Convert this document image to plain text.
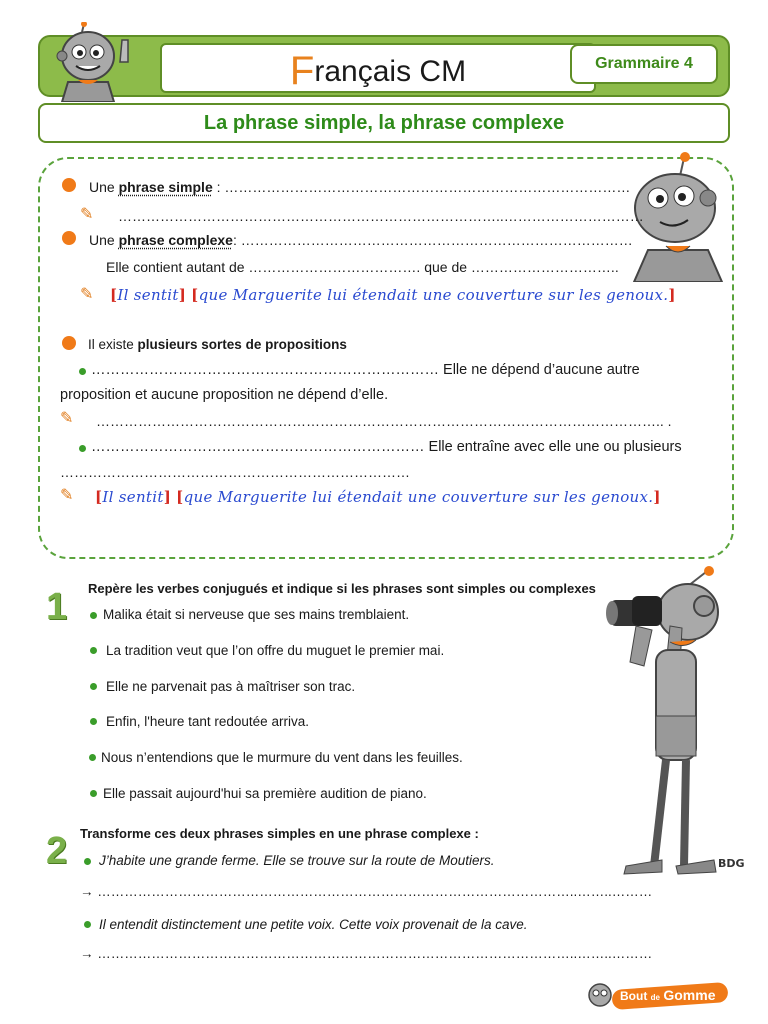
Français CM	Grammaire 4
La phrase simple, la phrase complexe
Une phrase simple : ……………………………………………………………………………
✎ ………………………………………………………………………..…………………………
Une phrase complexe: …………………………………………………………………………
Elle contient autant de ………………………………. que de …………………………..
✎ [Il sentit] [que Marguerite lui étendait une couverture sur les genoux.]
Il existe plusieurs sortes de propositions
……………………………………………………………… Elle ne dépend d’aucune autre
proposition et aucune proposition ne dépend d’elle.
✎ ………………………………………………………………………………………………………….. .
…………………………………………………………… Elle entraîne avec elle une ou plusieurs
…………………………………………………………………
✎ [Il sentit] [que Marguerite lui étendait une couverture sur les genoux.]
1 Repère les verbes conjugués et indique si les phrases sont simples ou complexes
Malika était si nerveuse que ses mains tremblaient.
La tradition veut que l’on offre du muguet le premier mai.
Elle ne parvenait pas à maîtriser son trac.
Enfin, l'heure tant redoutée arriva.
Nous n’entendions que le murmure du vent dans les feuilles.
Elle passait aujourd'hui sa première audition de piano.
BDG
2 Transforme ces deux phrases simples en une phrase complexe :
J’habite une grande ferme. Elle se trouve sur la route de Moutiers.
→ ……………………………………………………………………………………………..……..………
Il entendit distinctement une petite voix. Cette voix provenait de la cave.
→ ……………………………………………………………………………………………..……..………
Bout de Gomme
